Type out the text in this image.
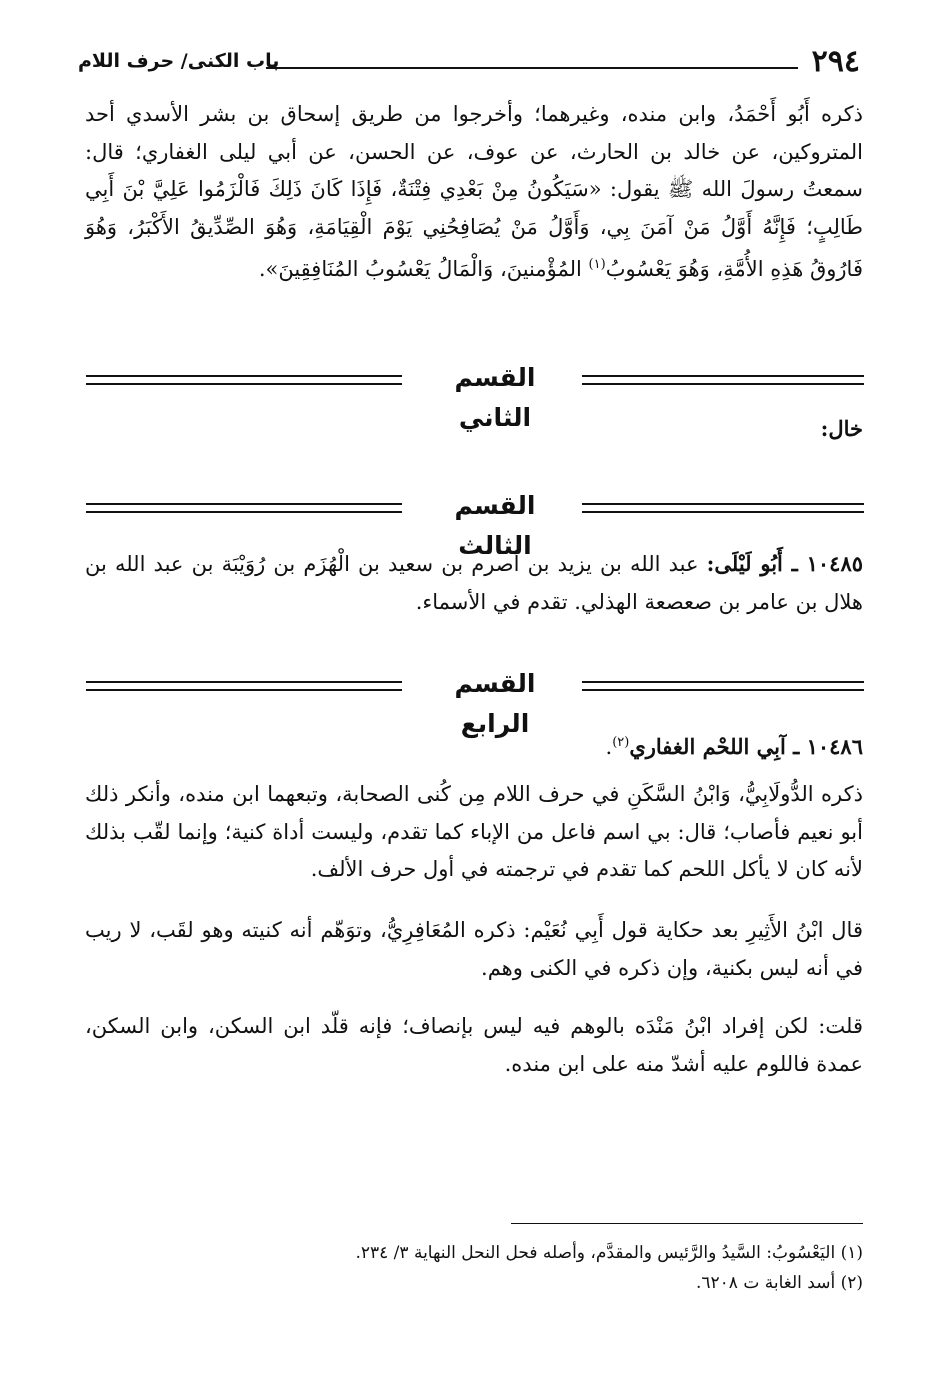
٢٩٤
باب الكنى/ حرف اللام

ذكره أَبُو أَحْمَدُ، وابن منده، وغيرهما؛ وأخرجوا من طريق إسحاق بن بشر الأسدي أحد المتروكين، عن خالد بن الحارث، عن عوف، عن الحسن، عن أبي ليلى الغفاري؛ قال: سمعتُ رسولَ الله ﷺ يقول: «سَيَكُونُ مِنْ بَعْدِي فِتْنَةٌ، فَإِذَا كَانَ ذَلِكَ فَالْزَمُوا عَلِيَّ بْنَ أَبِي طَالِبٍ؛ فَإِنَّهُ أَوَّلُ مَنْ آمَنَ بِي، وَأَوَّلُ مَنْ يُصَافِحُنِي يَوْمَ الْقِيَامَةِ، وَهُوَ الصِّدِّيقُ الأَكْبَرُ، وَهُوَ فَارُوقُ هَذِهِ الأُمَّةِ، وَهُوَ يَعْسُوبُ$^{(١)}$ المُؤْمنينَ، وَالْمَالُ يَعْسُوبُ المُنَافِقِينَ».

القسم الثاني	خال:

القسم الثالث

١٠٤٨٥ ـ أَبُو لَيْلَى: عبد الله بن يزيد بن أصرم بن سعيد بن الْهُزَم بن رُوَيْبَة بن عبد الله بن هلال بن عامر بن صعصعة الهذلي. تقدم في الأسماء.

القسم الرابع

١٠٤٨٦ ـ آبِي اللحْم الغفاري$^{(٢)}$.

ذكره الدُّولَابِيُّ، وَابْنُ السَّكَنِ في حرف اللام مِن كُنى الصحابة، وتبعهما ابن منده، وأنكر ذلك أبو نعيم فأصاب؛ قال: بي اسم فاعل من الإباء كما تقدم، وليست أداة كنية؛ وإنما لقّب بذلك لأنه كان لا يأكل اللحم كما تقدم في ترجمته في أول حرف الألف.

قال ابْنُ الأَثِيرِ بعد حكاية قول أَبِي نُعَيْم: ذكره المُعَافِرِيُّ، وتوَهّم أنه كنيته وهو لقَب، لا ريب في أنه ليس بكنية، وإن ذكره في الكنى وهم.

قلت: لكن إفراد ابْنُ مَنْدَه بالوهم فيه ليس بإنصاف؛ فإنه قلّد ابن السكن، وابن السكن، عمدة فاللوم عليه أشدّ منه على ابن منده.

(١) اليَعْسُوبُ: السَّيدُ والرَّئيس والمقدَّم، وأصله فحل النحل النهاية ٣/ ٢٣٤.
(٢) أسد الغابة ت ٦٢٠٨.
